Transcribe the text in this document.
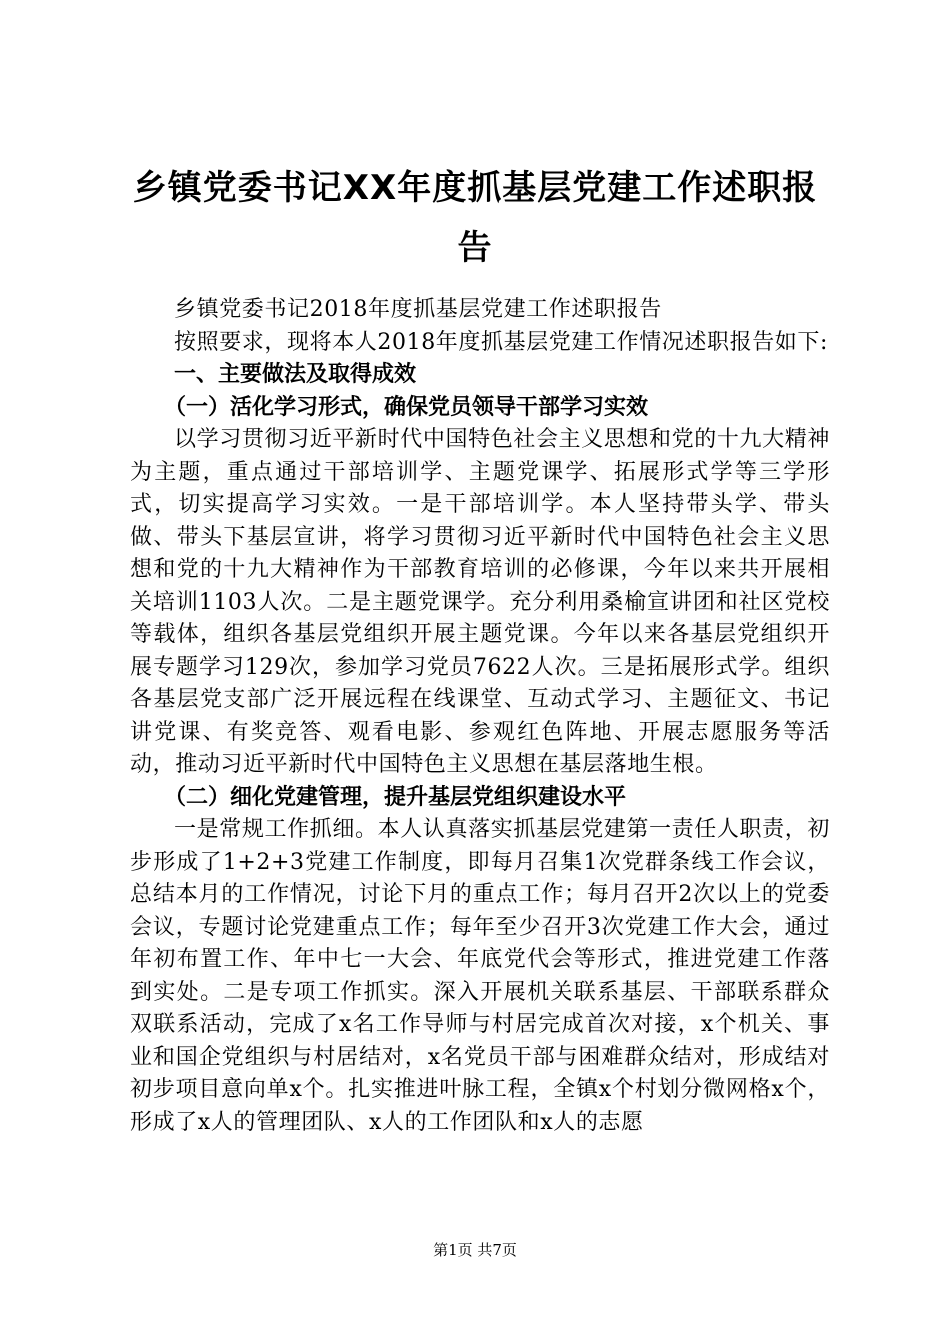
乡镇党委书记XX年度抓基层党建工作述职报告

乡镇党委书记2018年度抓基层党建工作述职报告

按照要求，现将本人2018年度抓基层党建工作情况述职报告如下:

一、主要做法及取得成效

（一）活化学习形式，确保党员领导干部学习实效

以学习贯彻习近平新时代中国特色社会主义思想和党的十九大精神为主题，重点通过干部培训学、主题党课学、拓展形式学等三学形式，切实提高学习实效。一是干部培训学。本人坚持带头学、带头做、带头下基层宣讲，将学习贯彻习近平新时代中国特色社会主义思想和党的十九大精神作为干部教育培训的必修课，今年以来共开展相关培训1103人次。二是主题党课学。充分利用桑榆宣讲团和社区党校等载体，组织各基层党组织开展主题党课。今年以来各基层党组织开展专题学习129次，参加学习党员7622人次。三是拓展形式学。组织各基层党支部广泛开展远程在线课堂、互动式学习、主题征文、书记讲党课、有奖竞答、观看电影、参观红色阵地、开展志愿服务等活动，推动习近平新时代中国特色主义思想在基层落地生根。

（二）细化党建管理，提升基层党组织建设水平

一是常规工作抓细。本人认真落实抓基层党建第一责任人职责，初步形成了1+2+3党建工作制度，即每月召集1次党群条线工作会议，总结本月的工作情况，讨论下月的重点工作；每月召开2次以上的党委会议，专题讨论党建重点工作；每年至少召开3次党建工作大会，通过年初布置工作、年中七一大会、年底党代会等形式，推进党建工作落到实处。二是专项工作抓实。深入开展机关联系基层、干部联系群众双联系活动，完成了x名工作导师与村居完成首次对接，x个机关、事业和国企党组织与村居结对，x名党员干部与困难群众结对，形成结对初步项目意向单x个。扎实推进叶脉工程，全镇x个村划分微网格x个，形成了x人的管理团队、x人的工作团队和x人的志愿

第1页 共7页
